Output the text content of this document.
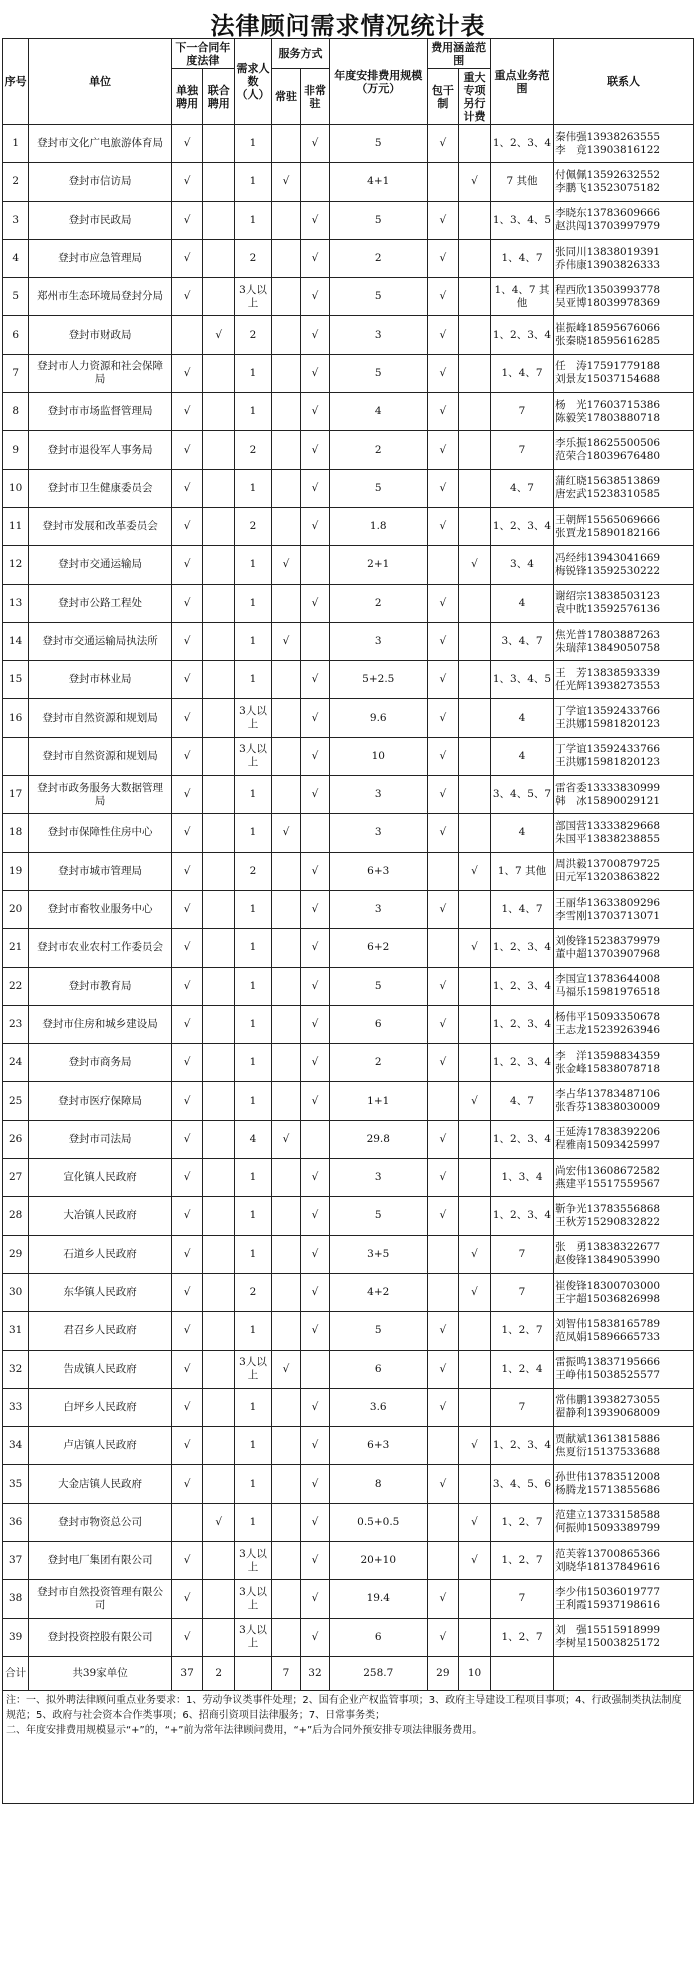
法律顾问需求情况统计表
序号	单位	下一合同年度法律		需求人数（人）	服务方式		年度安排费用规模（万元）	费用涵盖范围		重点业务范围	联系人
		单独聘用	联合聘用		常驻	非常驻		包干制	重大专项另行计费		
1	登封市文化广电旅游体育局	√		1		√	5	√		1、2、3、4	秦伟强13938263555
李　竟13903816122

2	登封市信访局	√		1	√		4+1		√	7 其他	付佩佩13592632552
李鹏飞13523075182

3	登封市民政局	√		1		√	5	√		1、3、4、5	李晓东13783609666
赵洪闯13703997979

4	登封市应急管理局	√		2		√	2	√		1、4、7	张同川13838019391
乔伟康13903826333

5	郑州市生态环境局登封分局	√		3人以上		√	5	√		1、4、7 其他	程西欣13503993778
吴亚博18039978369

6	登封市财政局		√	2		√	3	√		1、2、3、4	崔振峰18595676066
张秦晓18595616285

7	登封市人力资源和社会保障局	√		1		√	5	√		1、4、7	任　涛17591779188
刘景友15037154688

8	登封市市场监督管理局	√		1		√	4	√		7	杨　光17603715386
陈毅笑17803880718

9	登封市退役军人事务局	√		2		√	2	√		7	李乐振18625500506
范荣合18039676480

10	登封市卫生健康委员会	√		1		√	5	√		4、7	蒲红晓15638513869
唐宏武15238310585

11	登封市发展和改革委员会	√		2		√	1.8	√		1、2、3、4	王朝辉15565069666
张賈龙15890182166

12	登封市交通运输局	√		1	√		2+1		√	3、4	冯经纬13943041669
梅锐锋13592530222

13	登封市公路工程处	√		1		√	2	√		4	谢绍宗13838503123
袁中眈13592576136

14	登封市交通运输局执法所	√		1	√		3	√		3、4、7	焦光普17803887263
朱瑞萍13849050758

15	登封市林业局	√		1		√	5+2.5	√		1、3、4、5	王　芳13838593339
任光辉13938273553

16	登封市自然资源和规划局	√		3人以上		√	9.6	√		4	丁学谊13592433766
王洪娜15981820123

	登封市自然资源和规划局	√		3人以上		√	10	√		4	丁学谊13592433766
王洪娜15981820123

17	登封市政务服务大数据管理局	√		1		√	3	√		3、4、5、7	雷省委13333830999
韩　冰15890029121

18	登封市保障性住房中心	√		1	√		3	√		4	部国营13333829668
朱国平13838238855

19	登封市城市管理局	√		2		√	6+3		√	1、7 其他	周洪毅13700879725
田元军13203863822

20	登封市畜牧业服务中心	√		1		√	3	√		1、4、7	王丽华13633809296
李雪刚13703713071

21	登封市农业农村工作委员会	√		1		√	6+2		√	1、2、3、4	刘俊锋15238379979
董中超13703907968

22	登封市教育局	√		1		√	5	√		1、2、3、4	李国宣13783644008
马福乐15981976518

23	登封市住房和城乡建设局	√		1		√	6	√		1、2、3、4	杨伟平15093350678
王志龙15239263946

24	登封市商务局	√		1		√	2	√		1、2、3、4	李　洋13598834359
张金峰15838078718

25	登封市医疗保障局	√		1		√	1+1		√	4、7	李占华13783487106
张香芬13838030009

26	登封市司法局	√		4	√		29.8	√		1、2、3、4	王延涛17838392206
程雅南15093425997

27	宣化镇人民政府	√		1		√	3	√		1、3、4	尚宏伟13608672582
燕建平15517559567

28	大冶镇人民政府	√		1		√	5	√		1、2、3、4	靳争光13783556868
王秋芳15290832822

29	石道乡人民政府	√		1		√	3+5		√	7	张　勇13838322677
赵俊锋13849053990

30	东华镇人民政府	√		2		√	4+2		√	7	崔俊锋18300703000
王宇超15036826998

31	君召乡人民政府	√		1		√	5	√		1、2、7	刘智伟15838165789
范凤娟15896665733

32	告成镇人民政府	√		3人以上	√		6	√		1、2、4	雷振鸣13837195666
王峥伟15038525577

33	白坪乡人民政府	√		1		√	3.6	√		7	常伟鹏13938273055
翟静利13939068009

34	卢店镇人民政府	√		1		√	6+3		√	1、2、3、4	贾献斌13613815886
焦夏衍15137533688

35	大金店镇人民政府	√		1		√	8	√		3、4、5、6	孙世伟13783512008
杨腾龙15713855686

36	登封市物资总公司		√	1		√	0.5+0.5		√	1、2、7	范建立13733158588
何振帅15093389799

37	登封电厂集团有限公司	√		3人以上		√	20+10		√	1、2、7	范芙蓉13700865366
刘晓华18137849616

38	登封市自然投资管理有限公司	√		3人以上		√	19.4	√		7	李少伟15036019777
王利霞15937198616

39	登封投资控股有限公司	√		3人以上		√	6	√		1、2、7	刘　强15515918999
李树星15003825172

合计	共39家单位	37	2		7	32	258.7	29	10		
注：一、拟外聘法律顾问重点业务要求：1、劳动争议类事件处理；2、国有企业产权监管事项；3、政府主导建设工程项目事项；4、行政强制类执法制度规范；5、政府与社会资本合作类事项；6、招商引资项目法律服务；7、日常事务类；
二、年度安排费用规模显示“+”的，“+”前为常年法律顾问费用，“+”后为合同外预安排专项法律服务费用。
